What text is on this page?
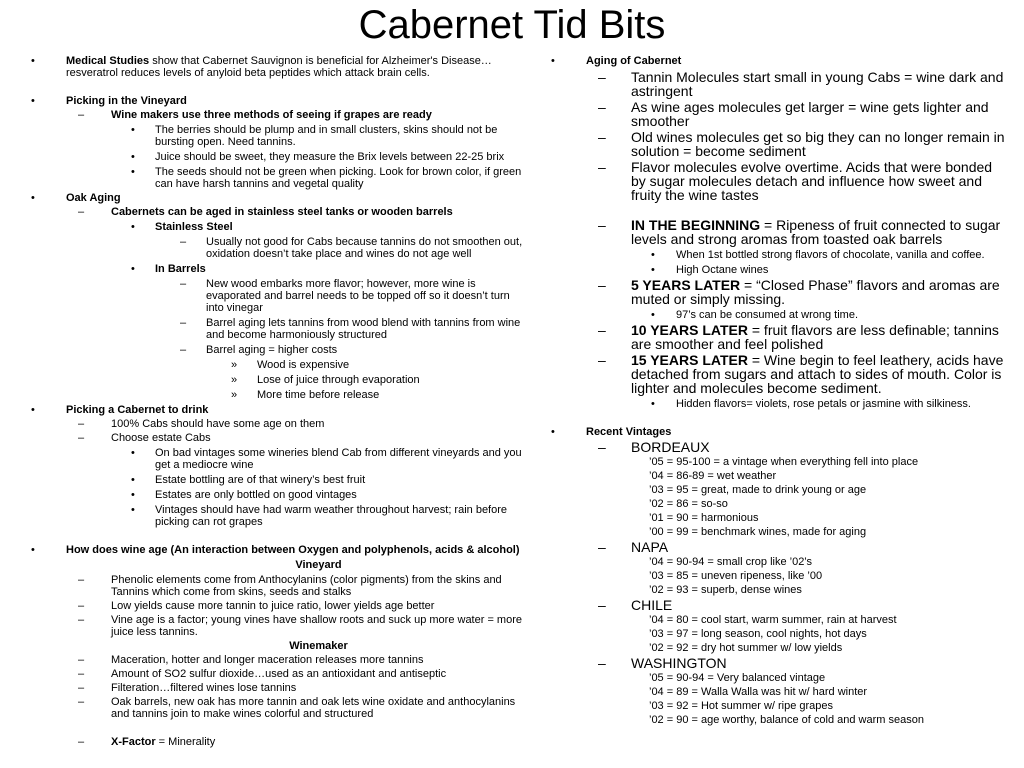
Cabernet Tid Bits
•	Medical Studies show that Cabernet Sauvignon is beneficial for Alzheimer's Disease…resveratrol reduces levels of anyloid beta peptides which attack brain cells.
•	Picking in the Vineyard
– Wine makers use three methods of seeing if grapes are ready
• The berries should be plump and in small clusters, skins should not be bursting open. Need tannins.
• Juice should be sweet, they measure the Brix levels between 22-25 brix
• The seeds should not be green when picking. Look for brown color, if green can have harsh tannins and vegetal quality
•	Oak Aging
– Cabernets can be aged in stainless steel tanks or wooden barrels
• Stainless Steel
– Usually not good for Cabs because tannins do not smoothen out, oxidation doesn’t take place and wines do not age well
• In Barrels
– New wood embarks more flavor; however, more wine is evaporated and barrel needs to be topped off so it doesn’t turn into vinegar
– Barrel aging lets tannins from wood blend with tannins from wine and become harmoniously structured
– Barrel aging = higher costs
» Wood is expensive
» Lose of juice through evaporation
» More time before release
•	Picking a Cabernet to drink
– 100% Cabs should have some age on them
– Choose estate Cabs
• On bad vintages some wineries blend Cab from different vineyards and you get a mediocre wine
• Estate bottling are of that winery’s best fruit
• Estates are only bottled on good vintages
• Vintages should have had warm weather throughout harvest; rain before picking can rot grapes
•	How does wine age (An interaction between Oxygen and polyphenols, acids & alcohol)
Vineyard
– Phenolic elements come from Anthocylanins (color pigments) from the skins and Tannins which come from skins, seeds and stalks
– Low yields cause more tannin to juice ratio, lower yields age better
– Vine age is a factor; young vines have shallow roots and suck up more water = more juice less tannins.
Winemaker
– Maceration, hotter and longer maceration releases more tannins
– Amount of SO2 sulfur dioxide…used as an antioxidant and antiseptic
– Filteration…filtered wines lose tannins
– Oak barrels, new oak has more tannin and oak lets wine oxidate and anthocylanins and tannins join to make wines colorful and structured
– X-Factor = Minerality
•	Aging of Cabernet
– Tannin Molecules start small in young Cabs = wine dark and astringent
– As wine ages molecules get larger = wine gets lighter and smoother
– Old wines molecules get so big they can no longer remain in solution = become sediment
– Flavor molecules evolve overtime. Acids that were bonded by sugar molecules detach and influence how sweet and fruity the wine tastes
– IN THE BEGINNING = Ripeness of fruit connected to sugar levels and strong aromas from toasted oak barrels
• When 1st bottled strong flavors of chocolate, vanilla and coffee.
• High Octane wines
– 5 YEARS LATER = “Closed Phase” flavors and aromas are muted or simply missing.
• 97’s can be consumed at wrong time.
– 10 YEARS LATER = fruit flavors are less definable; tannins are smoother and feel polished
– 15 YEARS LATER = Wine begin to feel leathery, acids have detached from sugars and attach to sides of mouth. Color is lighter and molecules become sediment.
• Hidden flavors= violets, rose petals or jasmine with silkiness.
•	Recent Vintages
– BORDEAUX
’05 = 95-100 = a vintage when everything fell into place
’04 = 86-89 = wet weather
’03 = 95 = great, made to drink young or age
’02 = 86 = so-so
’01 = 90 = harmonious
’00 = 99 = benchmark wines, made for aging
– NAPA
’04 = 90-94 = small crop like ’02’s
’03 = 85 = uneven ripeness, like ’00
’02 = 93 = superb, dense wines
– CHILE
’04 = 80 = cool start, warm summer, rain at harvest
’03 = 97 = long season, cool nights, hot days
’02 = 92 = dry hot summer w/ low yields
– WASHINGTON
’05 = 90-94 = Very balanced vintage
’04 = 89 = Walla Walla was hit w/ hard winter
’03 = 92 = Hot summer w/ ripe grapes
’02 = 90 = age worthy, balance of cold and warm season
